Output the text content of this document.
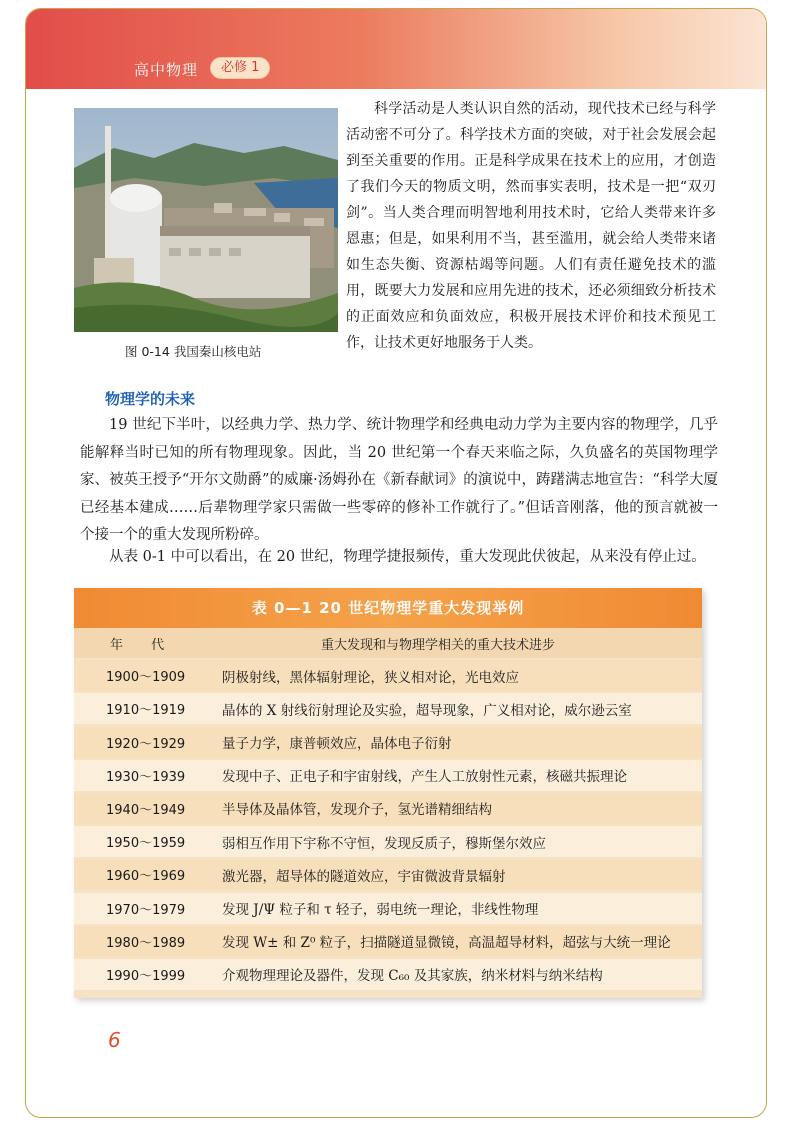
高中物理	必修 1
图 0-14 我国秦山核电站

科学活动是人类认识自然的活动，现代技术已经与科学活动密不可分了。科学技术方面的突破，对于社会发展会起到至关重要的作用。正是科学成果在技术上的应用，才创造了我们今天的物质文明，然而事实表明，技术是一把“双刃剑”。当人类合理而明智地利用技术时，它给人类带来许多恩惠；但是，如果利用不当，甚至滥用，就会给人类带来诸如生态失衡、资源枯竭等问题。人们有责任避免技术的滥用，既要大力发展和应用先进的技术，还必须细致分析技术的正面效应和负面效应，积极开展技术评价和技术预见工作，让技术更好地服务于人类。

物理学的未来

19 世纪下半叶，以经典力学、热力学、统计物理学和经典电动力学为主要内容的物理学，几乎能解释当时已知的所有物理现象。因此，当 20 世纪第一个春天来临之际，久负盛名的英国物理学家、被英王授予“开尔文勋爵”的威廉·汤姆孙在《新春献词》的演说中，踌躇满志地宣告：“科学大厦已经基本建成……后辈物理学家只需做一些零碎的修补工作就行了。”但话音刚落，他的预言就被一个接一个的重大发现所粉碎。

从表 0-1 中可以看出，在 20 世纪，物理学捷报频传，重大发现此伏彼起，从来没有停止过。

表 0—1 20 世纪物理学重大发现举例
年 代	重大发现和与物理学相关的重大技术进步
1900～1909	阴极射线，黑体辐射理论，狭义相对论，光电效应
1910～1919	晶体的 X 射线衍射理论及实验，超导现象，广义相对论，威尔逊云室
1920～1929	量子力学，康普顿效应，晶体电子衍射
1930～1939	发现中子、正电子和宇宙射线，产生人工放射性元素，核磁共振理论
1940～1949	半导体及晶体管，发现介子，氢光谱精细结构
1950～1959	弱相互作用下宇称不守恒，发现反质子，穆斯堡尔效应
1960～1969	激光器，超导体的隧道效应，宇宙微波背景辐射
1970～1979	发现 J/Ψ 粒子和 τ 轻子，弱电统一理论，非线性物理
1980～1989	发现 W± 和 Z⁰ 粒子，扫描隧道显微镜，高温超导材料，超弦与大统一理论
1990～1999	介观物理理论及器件，发现 C₆₀ 及其家族，纳米材料与纳米结构
6
